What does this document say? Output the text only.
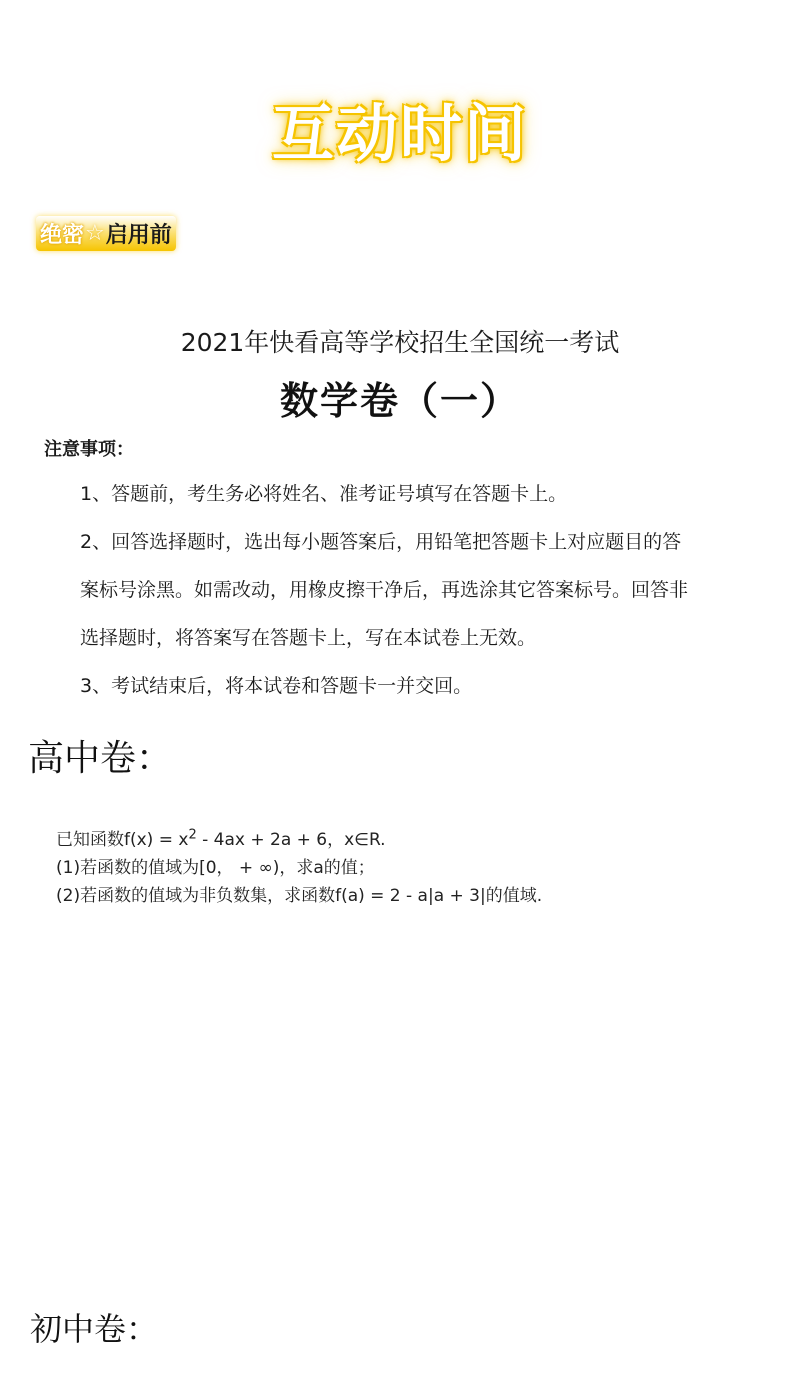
互动时间
绝密 ☆ 启用前
2021年快看高等学校招生全国统一考试
数学卷（一）
注意事项：
1、答题前，考生务必将姓名、准考证号填写在答题卡上。
2、回答选择题时，选出每小题答案后，用铅笔把答题卡上对应题目的答
案标号涂黑。如需改动，用橡皮擦干净后，再选涂其它答案标号。回答非
选择题时，将答案写在答题卡上，写在本试卷上无效。
3、考试结束后，将本试卷和答题卡一并交回。
高中卷：
已知函数$f(x) = x^2 - 4ax + 2a + 6$，x∈R.
(1)若函数的值域为[0， + ∞)，求a的值；
(2)若函数的值域为非负数集，求函数f(a) = 2 - a|a + 3|的值域.
初中卷：
